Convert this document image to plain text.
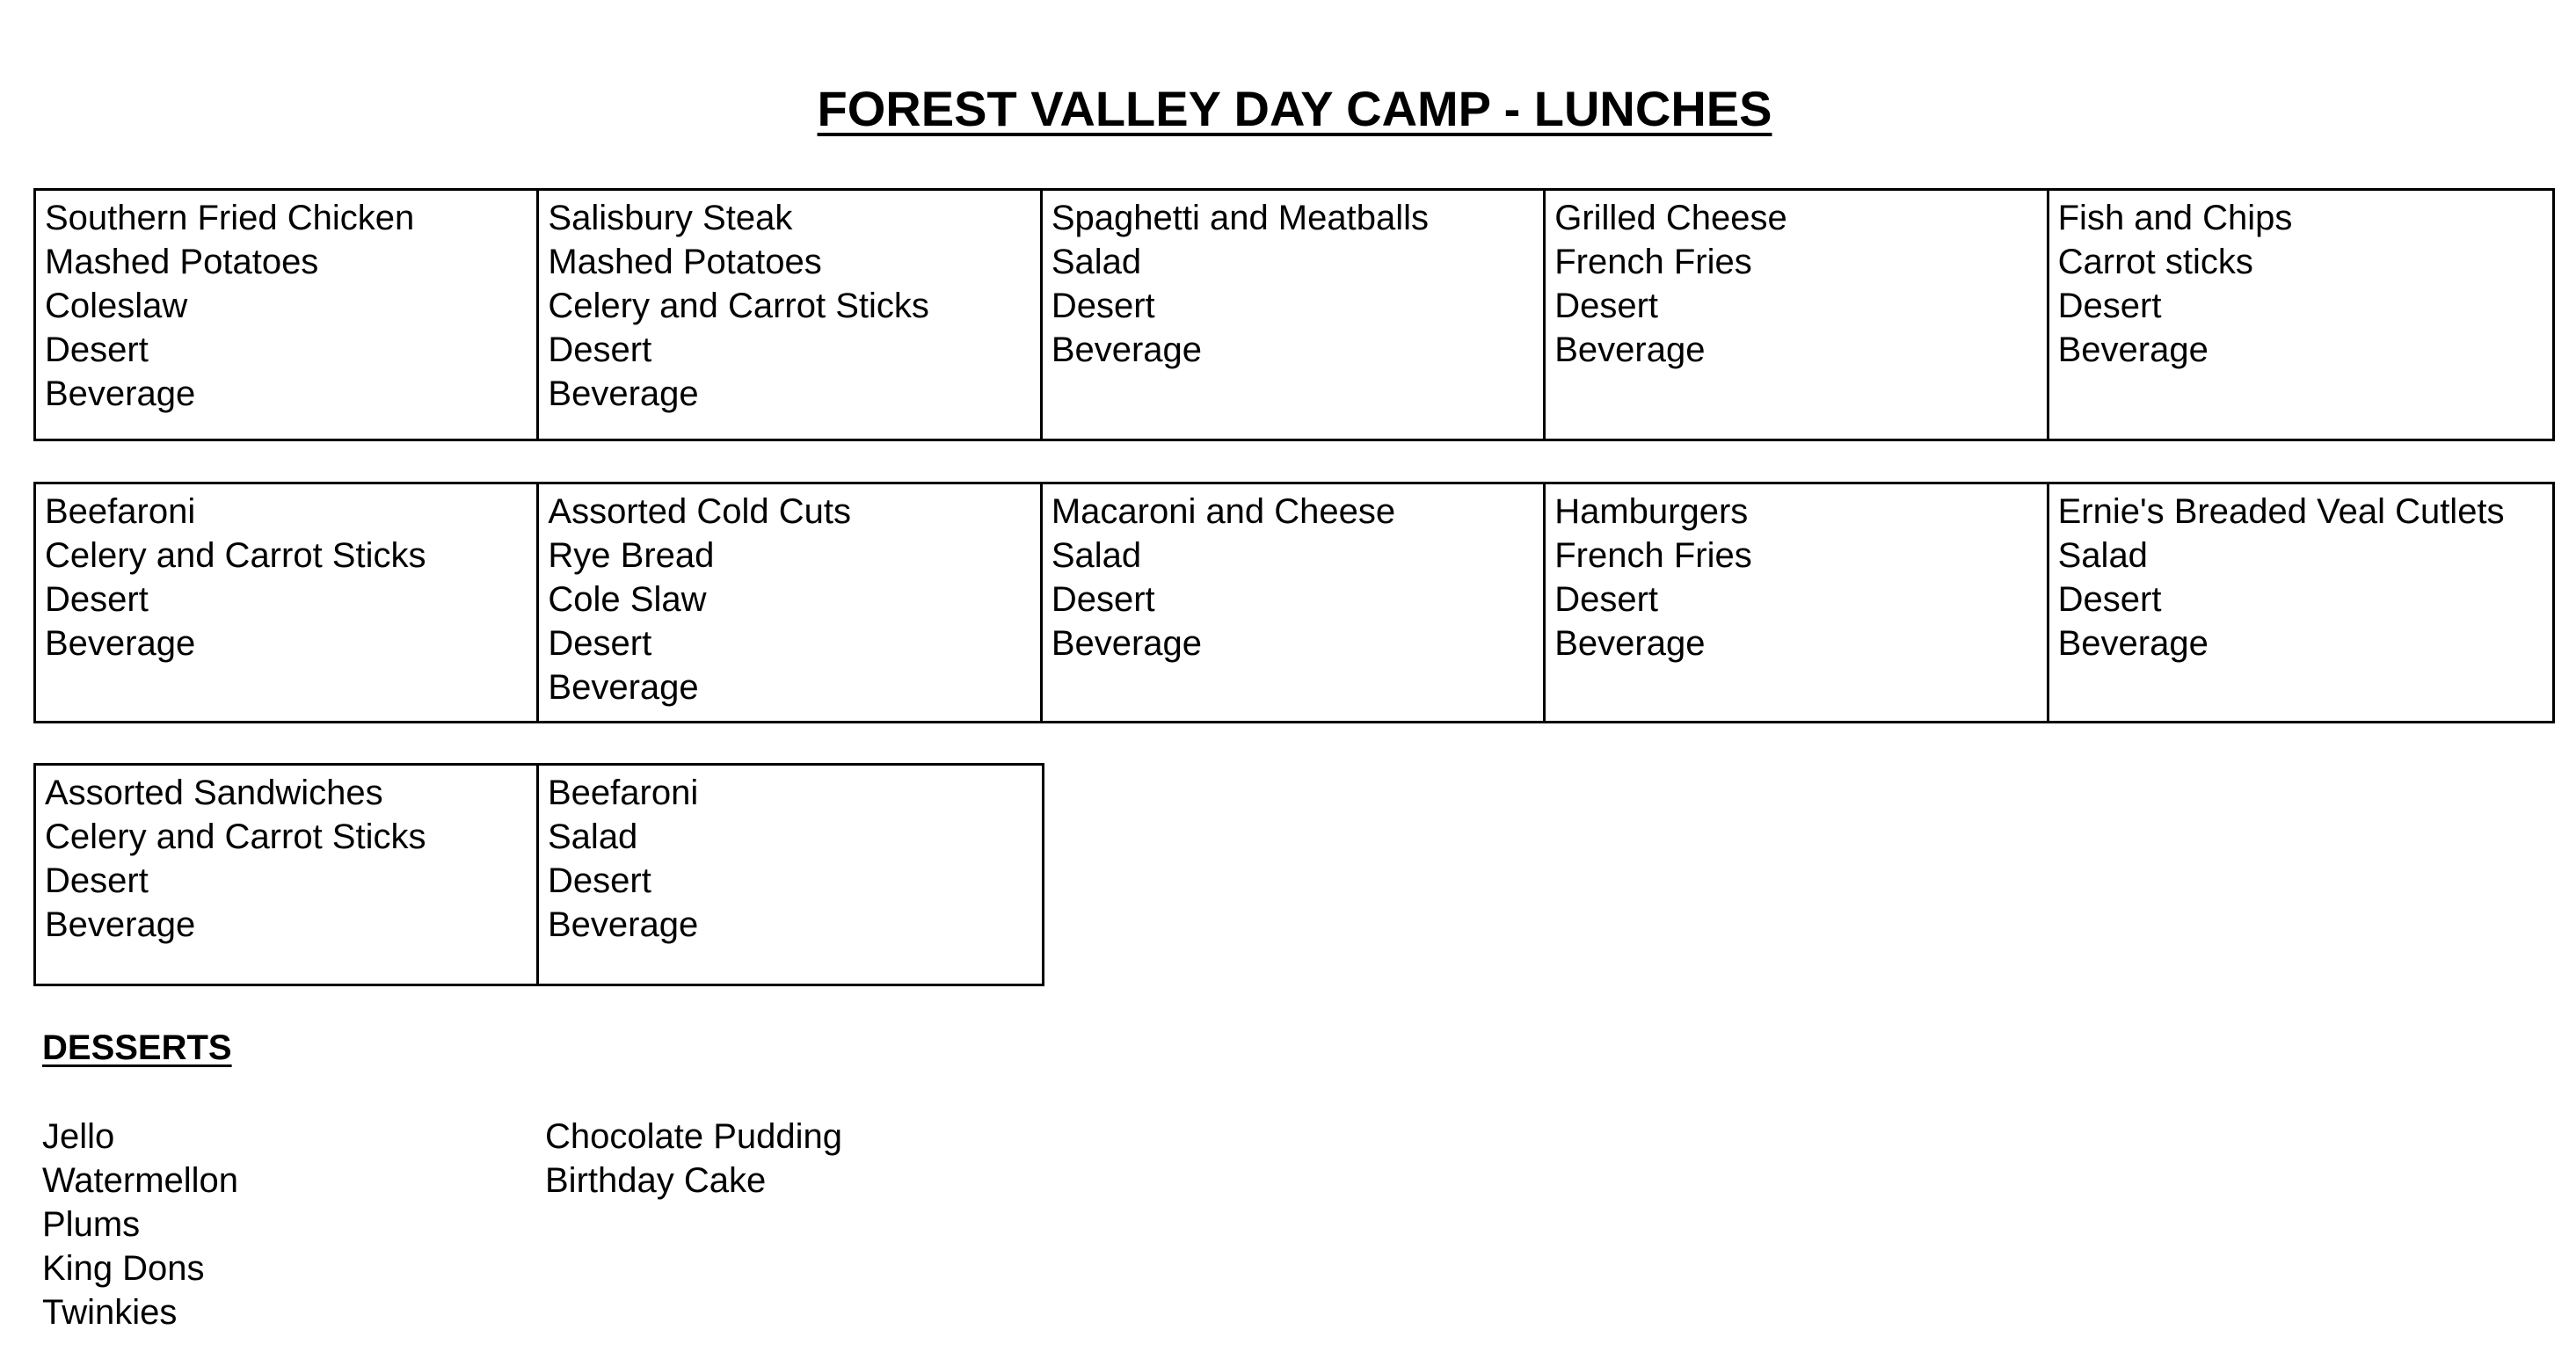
FOREST VALLEY DAY CAMP - LUNCHES
Southern Fried Chicken
Mashed Potatoes
Coleslaw
Desert
Beverage
Salisbury Steak
Mashed Potatoes
Celery and Carrot Sticks
Desert
Beverage
Spaghetti and Meatballs
Salad
Desert
Beverage
Grilled Cheese
French Fries
Desert
Beverage
Fish and Chips
Carrot sticks
Desert
Beverage
Beefaroni
Celery and Carrot Sticks
Desert
Beverage
Assorted Cold Cuts
Rye Bread
Cole Slaw
Desert
Beverage
Macaroni and Cheese
Salad
Desert
Beverage
Hamburgers
French Fries
Desert
Beverage
Ernie's Breaded Veal Cutlets
Salad
Desert
Beverage
Assorted Sandwiches
Celery and Carrot Sticks
Desert
Beverage
Beefaroni
Salad
Desert
Beverage
DESSERTS
Jello
Watermellon
Plums
King Dons
Twinkies
Chocolate Pudding
Birthday Cake
